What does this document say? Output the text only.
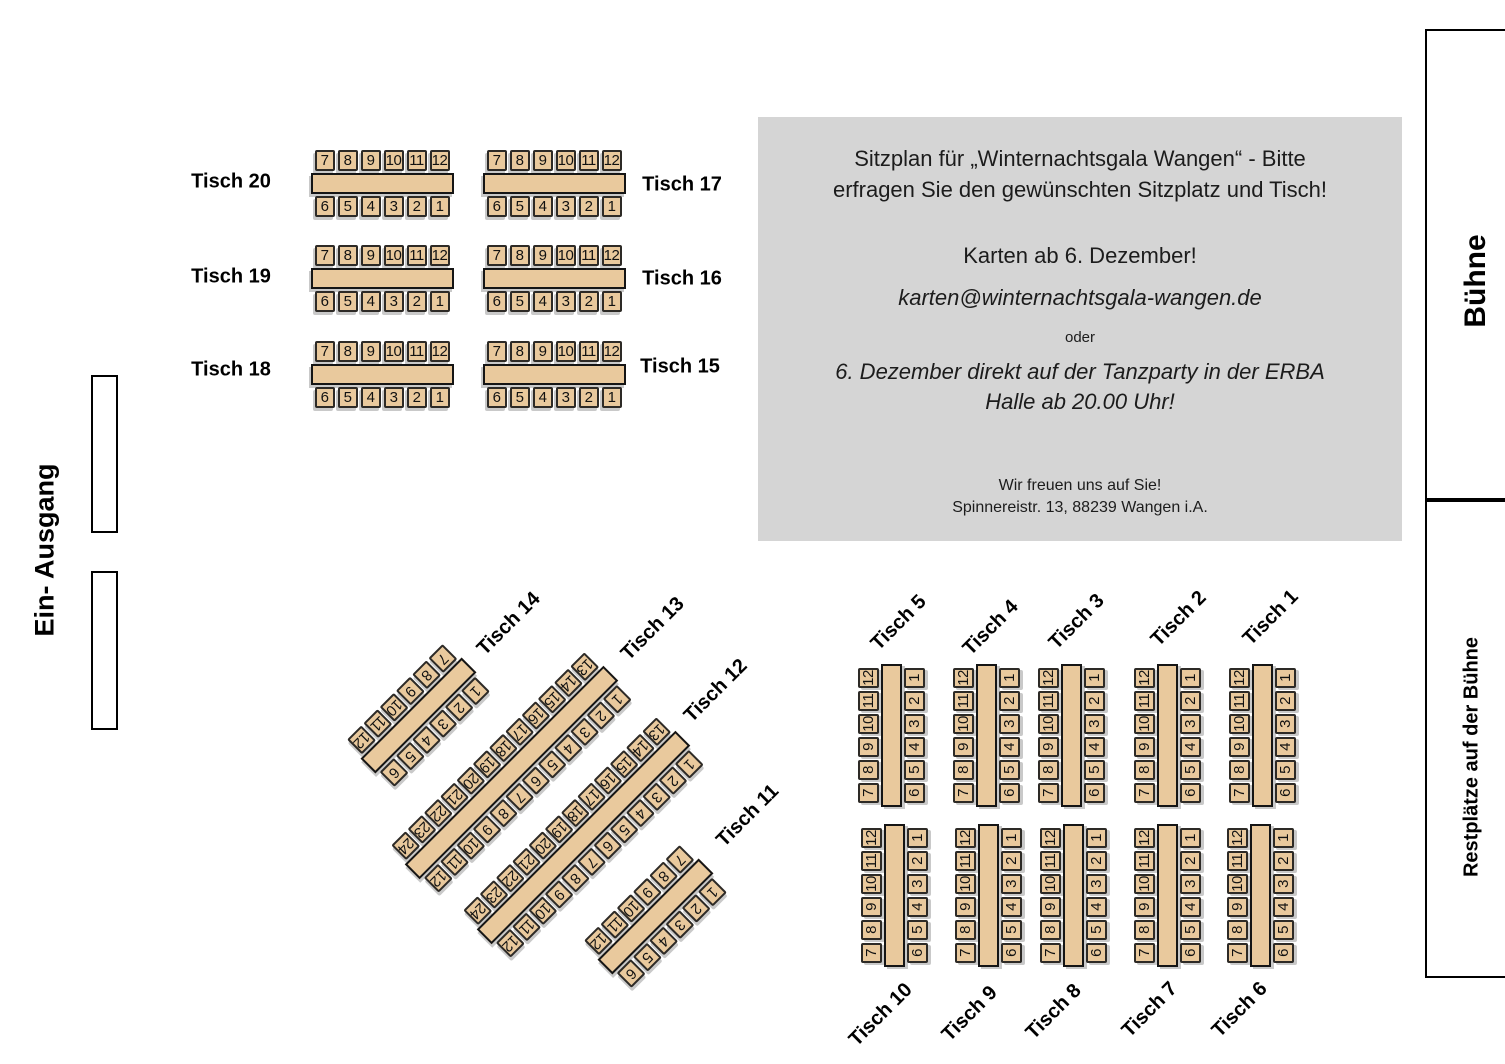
Ein- Ausgang
Bühne
Restplätze auf der Bühne
Sitzplan für „Winternachtsgala Wangen“ - Bitte
erfragen Sie den gewünschten Sitzplatz und Tisch!
Karten ab 6. Dezember!
karten@winternachtsgala-wangen.de
oder
6. Dezember direkt auf der Tanzparty in der ERBA
Halle ab 20.00 Uhr!
Wir freuen uns auf Sie!
Spinnereistr. 13, 88239 Wangen i.A.
7 8 9 10 11 12
6 5 4 3 2 1
Tisch 20
7 8 9 10 11 12
6 5 4 3 2 1
Tisch 19
7 8 9 10 11 12
6 5 4 3 2 1
Tisch 18
7 8 9 10 11 12
6 5 4 3 2 1
Tisch 17
7 8 9 10 11 12
6 5 4 3 2 1
Tisch 16
7 8 9 10 11 12
6 5 4 3 2 1
Tisch 15
12
11
10
9
8
7
6
5
4
3
2
1
Tisch 14
24
23
22
21
20
19
18
17
16
15
14
13
12
11
10
9
8
7
6
5
4
3
2
1
Tisch 13
24
23
22
21
20
19
18
17
16
15
14
13
12
11
10
9
8
7
6
5
4
3
2
1
Tisch 12
12
11
10
9
8
7
6
5
4
3
2
1
Tisch 11	7
8
9
10
11
12
6
5
4
3
2
1
Tisch 5
7
8
9
10
11
12
6
5
4
3
2
1
Tisch 4
7
8
9
10
11
12
6
5
4
3
2
1
Tisch 3
7
8
9
10
11
12
6
5
4
3
2
1
Tisch 2
7
8
9
10
11
12
6
5
4
3
2
1
Tisch 1
7
8
9
10
11
12
6
5
4
3
2
1
Tisch 10
7
8
9
10
11
12
6
5
4
3
2
1
Tisch 9
7
8
9
10
11
12
6
5
4
3
2
1
Tisch 8
7
8
9
10
11
12
6
5
4
3
2
1
Tisch 7
7
8
9
10
11
12
6
5
4
3
2
1
Tisch 6
